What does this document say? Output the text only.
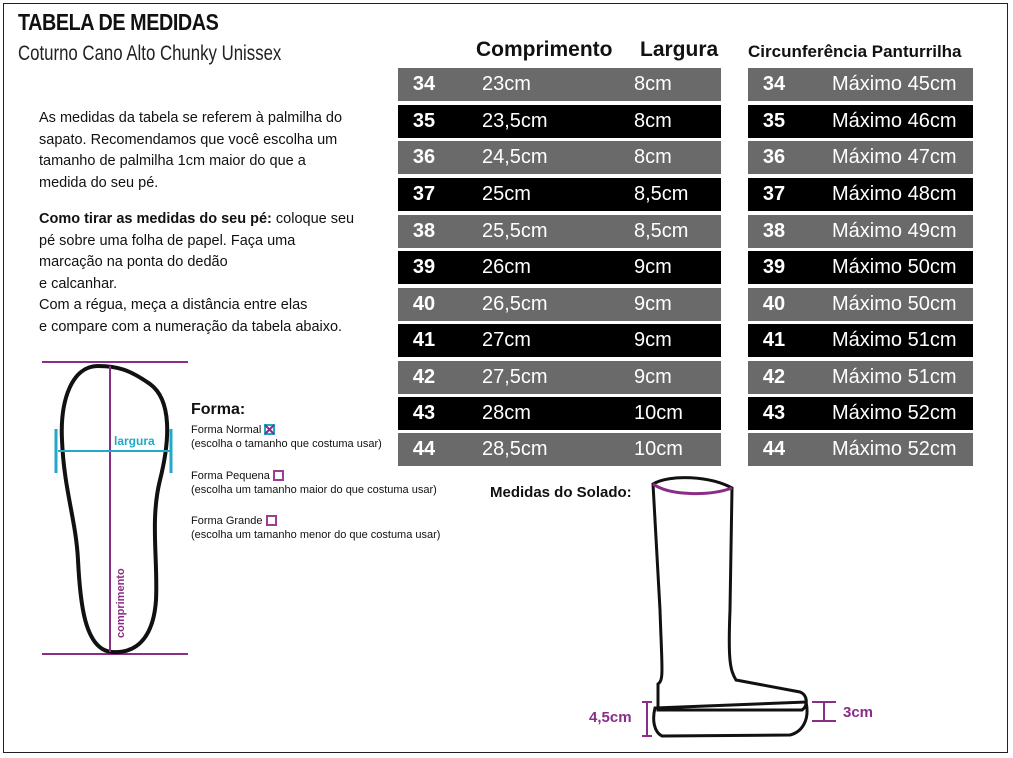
TABELA DE MEDIDAS
Coturno Cano Alto Chunky Unissex
As medidas da tabela se referem à palmilha do
sapato. Recomendamos que você escolha um
tamanho de palmilha 1cm maior do que a
medida do seu pé.
Como tirar as medidas do seu pé: coloque seu
pé sobre uma folha de papel. Faça uma
marcação na ponta do dedão
e calcanhar.
Com a régua, meça a distância entre elas
e compare com a numeração da tabela abaixo.
Comprimento Largura Circunferência Panturrilha
34	23cm	8cm
35	23,5cm	8cm
36	24,5cm	8cm
37	25cm	8,5cm
38	25,5cm	8,5cm
39	26cm	9cm
40	26,5cm	9cm
41	27cm	9cm
42	27,5cm	9cm
43	28cm	10cm
44	28,5cm	10cm
34	Máximo 45cm
35	Máximo 46cm
36	Máximo 47cm
37	Máximo 48cm
38	Máximo 49cm
39	Máximo 50cm
40	Máximo 50cm
41	Máximo 51cm
42	Máximo 51cm
43	Máximo 52cm
44	Máximo 52cm
largura
comprimento
Forma:
Forma Normal

(escolha o tamanho que costuma usar)
Forma Pequena
(escolha um tamanho maior do que costuma usar)
Forma Grande
(escolha um tamanho menor do que costuma usar)
Medidas do Solado:
4,5cm	3cm
